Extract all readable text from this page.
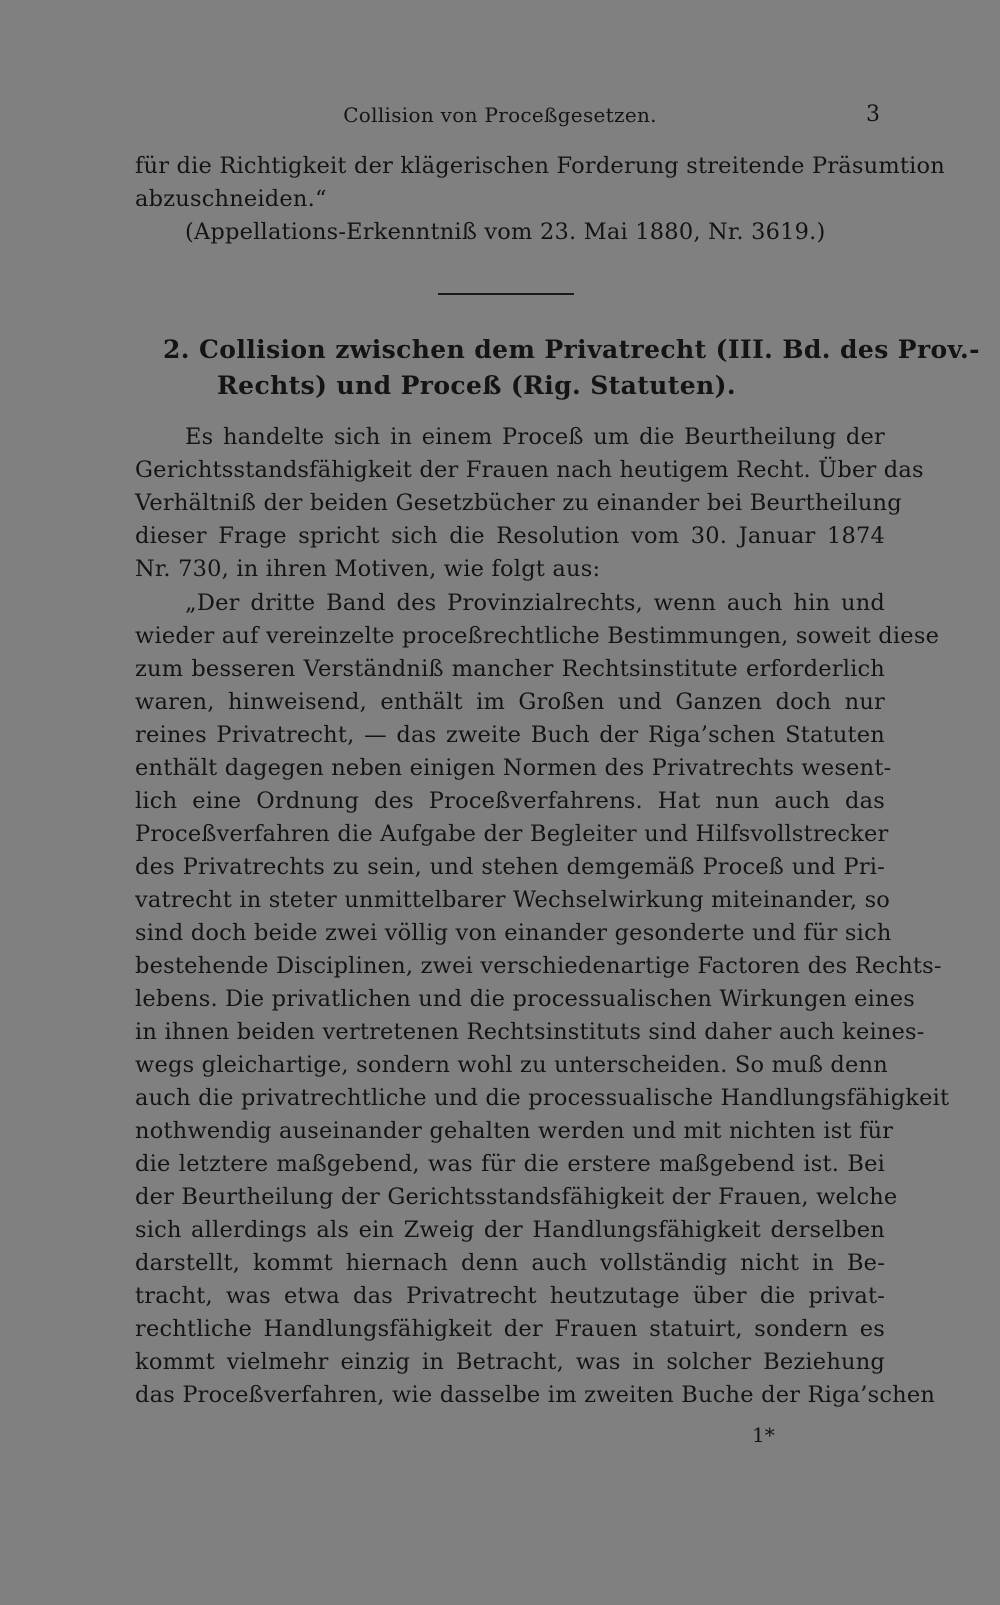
Collision von Proceßgesetzen.	3
für die Richtigkeit der klägerischen Forderung streitende Präsumtion
abzuschneiden.“
(Appellations-Erkenntniß vom 23. Mai 1880, Nr. 3619.)
2. Collision zwischen dem Privatrecht (III. Bd. des Prov.-
Rechts) und Proceß (Rig. Statuten).
Es handelte sich in einem Proceß um die Beurtheilung der
Gerichtsstandsfähigkeit der Frauen nach heutigem Recht. Über das
Verhältniß der beiden Gesetzbücher zu einander bei Beurtheilung
dieser Frage spricht sich die Resolution vom 30. Januar 1874
Nr. 730, in ihren Motiven, wie folgt aus:
„Der dritte Band des Provinzialrechts, wenn auch hin und
wieder auf vereinzelte proceßrechtliche Bestimmungen, soweit diese
zum besseren Verständniß mancher Rechtsinstitute erforderlich
waren, hinweisend, enthält im Großen und Ganzen doch nur
reines Privatrecht, — das zweite Buch der Riga’schen Statuten
enthält dagegen neben einigen Normen des Privatrechts wesent-
lich eine Ordnung des Proceßverfahrens. Hat nun auch das
Proceßverfahren die Aufgabe der Begleiter und Hilfsvollstrecker
des Privatrechts zu sein, und stehen demgemäß Proceß und Pri-
vatrecht in steter unmittelbarer Wechselwirkung miteinander, so
sind doch beide zwei völlig von einander gesonderte und für sich
bestehende Disciplinen, zwei verschiedenartige Factoren des Rechts-
lebens. Die privatlichen und die processualischen Wirkungen eines
in ihnen beiden vertretenen Rechtsinstituts sind daher auch keines-
wegs gleichartige, sondern wohl zu unterscheiden. So muß denn
auch die privatrechtliche und die processualische Handlungsfähigkeit
nothwendig auseinander gehalten werden und mit nichten ist für
die letztere maßgebend, was für die erstere maßgebend ist. Bei
der Beurtheilung der Gerichtsstandsfähigkeit der Frauen, welche
sich allerdings als ein Zweig der Handlungsfähigkeit derselben
darstellt, kommt hiernach denn auch vollständig nicht in Be-
tracht, was etwa das Privatrecht heutzutage über die privat-
rechtliche Handlungsfähigkeit der Frauen statuirt, sondern es
kommt vielmehr einzig in Betracht, was in solcher Beziehung
das Proceßverfahren, wie dasselbe im zweiten Buche der Riga’schen
1*
